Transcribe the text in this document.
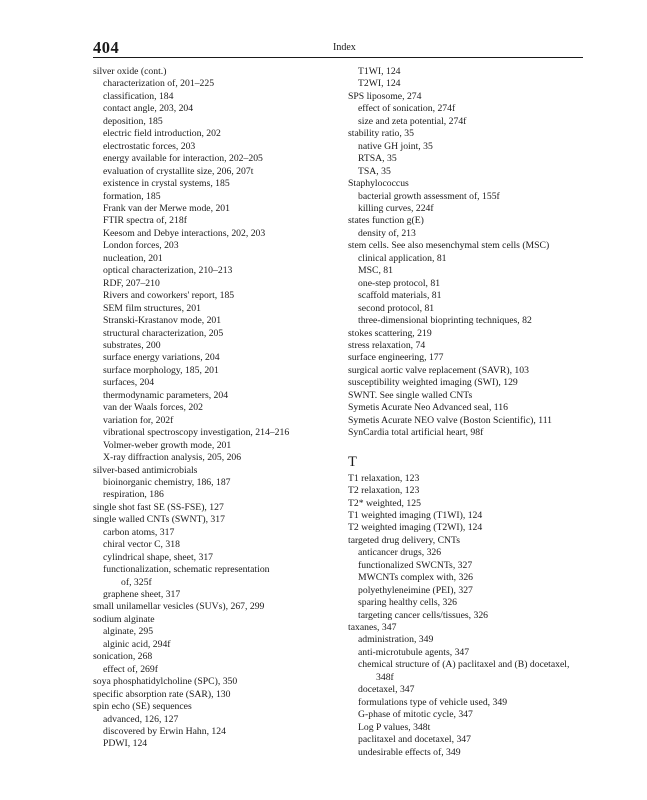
404	Index
silver oxide (cont.)
characterization of, 201–225
classification, 184
contact angle, 203, 204
deposition, 185
electric field introduction, 202
electrostatic forces, 203
energy available for interaction, 202–205
evaluation of crystallite size, 206, 207t
existence in crystal systems, 185
formation, 185
Frank van der Merwe mode, 201
FTIR spectra of, 218f
Keesom and Debye interactions, 202, 203
London forces, 203
nucleation, 201
optical characterization, 210–213
RDF, 207–210
Rivers and coworkers' report, 185
SEM film structures, 201
Stranski-Krastanov mode, 201
structural characterization, 205
substrates, 200
surface energy variations, 204
surface morphology, 185, 201
surfaces, 204
thermodynamic parameters, 204
van der Waals forces, 202
variation for, 202f
vibrational spectroscopy investigation, 214–216
Volmer-weber growth mode, 201
X-ray diffraction analysis, 205, 206
silver-based antimicrobials
bioinorganic chemistry, 186, 187
respiration, 186
single shot fast SE (SS-FSE), 127
single walled CNTs (SWNT), 317
carbon atoms, 317
chiral vector C, 318
cylindrical shape, sheet, 317
functionalization, schematic representation
of, 325f
graphene sheet, 317
small unilamellar vesicles (SUVs), 267, 299
sodium alginate
alginate, 295
alginic acid, 294f
sonication, 268
effect of, 269f
soya phosphatidylcholine (SPC), 350
specific absorption rate (SAR), 130
spin echo (SE) sequences
advanced, 126, 127
discovered by Erwin Hahn, 124
PDWI, 124
T1WI, 124
T2WI, 124
SPS liposome, 274
effect of sonication, 274f
size and zeta potential, 274f
stability ratio, 35
native GH joint, 35
RTSA, 35
TSA, 35
Staphylococcus
bacterial growth assessment of, 155f
killing curves, 224f
states function g(E)
density of, 213
stem cells. See also mesenchymal stem cells (MSC)
clinical application, 81
MSC, 81
one-step protocol, 81
scaffold materials, 81
second protocol, 81
three-dimensional bioprinting techniques, 82
stokes scattering, 219
stress relaxation, 74
surface engineering, 177
surgical aortic valve replacement (SAVR), 103
susceptibility weighted imaging (SWI), 129
SWNT. See single walled CNTs
Symetis Acurate Neo Advanced seal, 116
Symetis Acurate NEO valve (Boston Scientific), 111
SynCardia total artificial heart, 98f
T
T1 relaxation, 123
T2 relaxation, 123
T2* weighted, 125
T1 weighted imaging (T1WI), 124
T2 weighted imaging (T2WI), 124
targeted drug delivery, CNTs
anticancer drugs, 326
functionalized SWCNTs, 327
MWCNTs complex with, 326
polyethyleneimine (PEI), 327
sparing healthy cells, 326
targeting cancer cells/tissues, 326
taxanes, 347
administration, 349
anti-microtubule agents, 347
chemical structure of (A) paclitaxel and (B) docetaxel,
348f
docetaxel, 347
formulations type of vehicle used, 349
G-phase of mitotic cycle, 347
Log P values, 348t
paclitaxel and docetaxel, 347
undesirable effects of, 349
